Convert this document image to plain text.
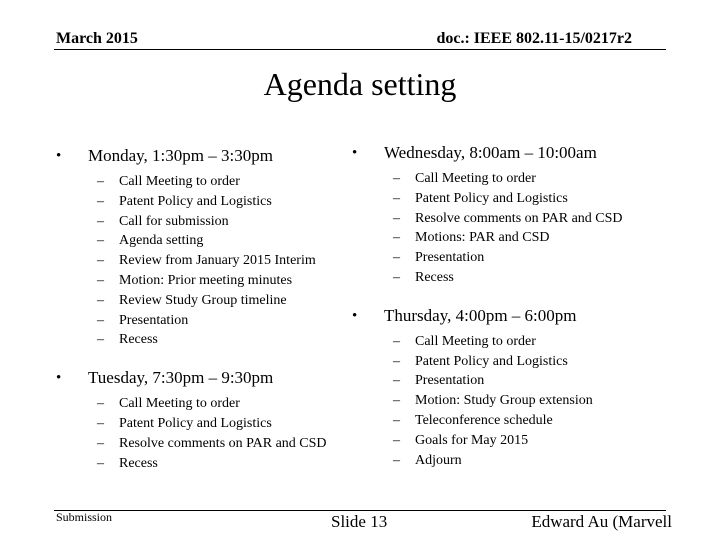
March 2015	doc.: IEEE 802.11-15/0217r2
Agenda setting
• Monday, 1:30pm – 3:30pm
– Call Meeting to order
– Patent Policy and Logistics
– Call for submission
– Agenda setting
– Review from January 2015 Interim
– Motion: Prior meeting minutes
– Review Study Group timeline
– Presentation
– Recess
• Tuesday, 7:30pm – 9:30pm
– Call Meeting to order
– Patent Policy and Logistics
– Resolve comments on PAR and CSD
– Recess
• Wednesday, 8:00am – 10:00am
– Call Meeting to order
– Patent Policy and Logistics
– Resolve comments on PAR and CSD
– Motions: PAR and CSD
– Presentation
– Recess
• Thursday, 4:00pm – 6:00pm
– Call Meeting to order
– Patent Policy and Logistics
– Presentation
– Motion: Study Group extension
– Teleconference schedule
– Goals for May 2015
– Adjourn
Submission	Slide 13	Edward Au (Marvell
